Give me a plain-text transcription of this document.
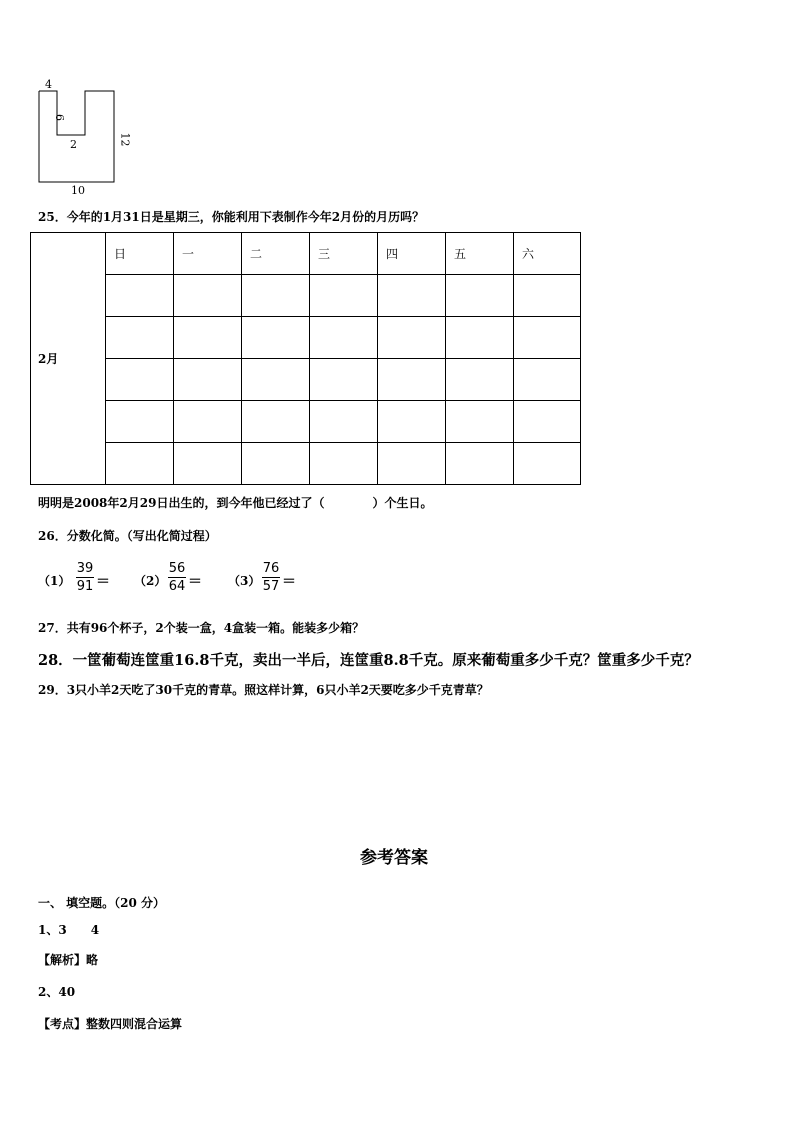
4
6
2	12
10
25．今年的1月31日是星期三，你能利用下表制作今年2月份的月历吗？
2月	日	一	二	三	四	五	六

明明是2008年2月29日出生的，到今年他已经过了（　　　　）个生日。
26．分数化简。（写出化简过程）
（1）
39
91 ＝ （2）
56
64 ＝ （3）
76
57 ＝
27．共有96个杯子，2个装一盒，4盒装一箱。能装多少箱？
28．一筐葡萄连筐重16.8千克，卖出一半后，连筐重8.8千克。原来葡萄重多少千克？筐重多少千克？
29．3只小羊2天吃了30千克的青草。照这样计算，6只小羊2天要吃多少千克青草？
参考答案
一、 填空题。（20 分）
1、3　　4
【解析】略
2、40
【考点】整数四则混合运算
